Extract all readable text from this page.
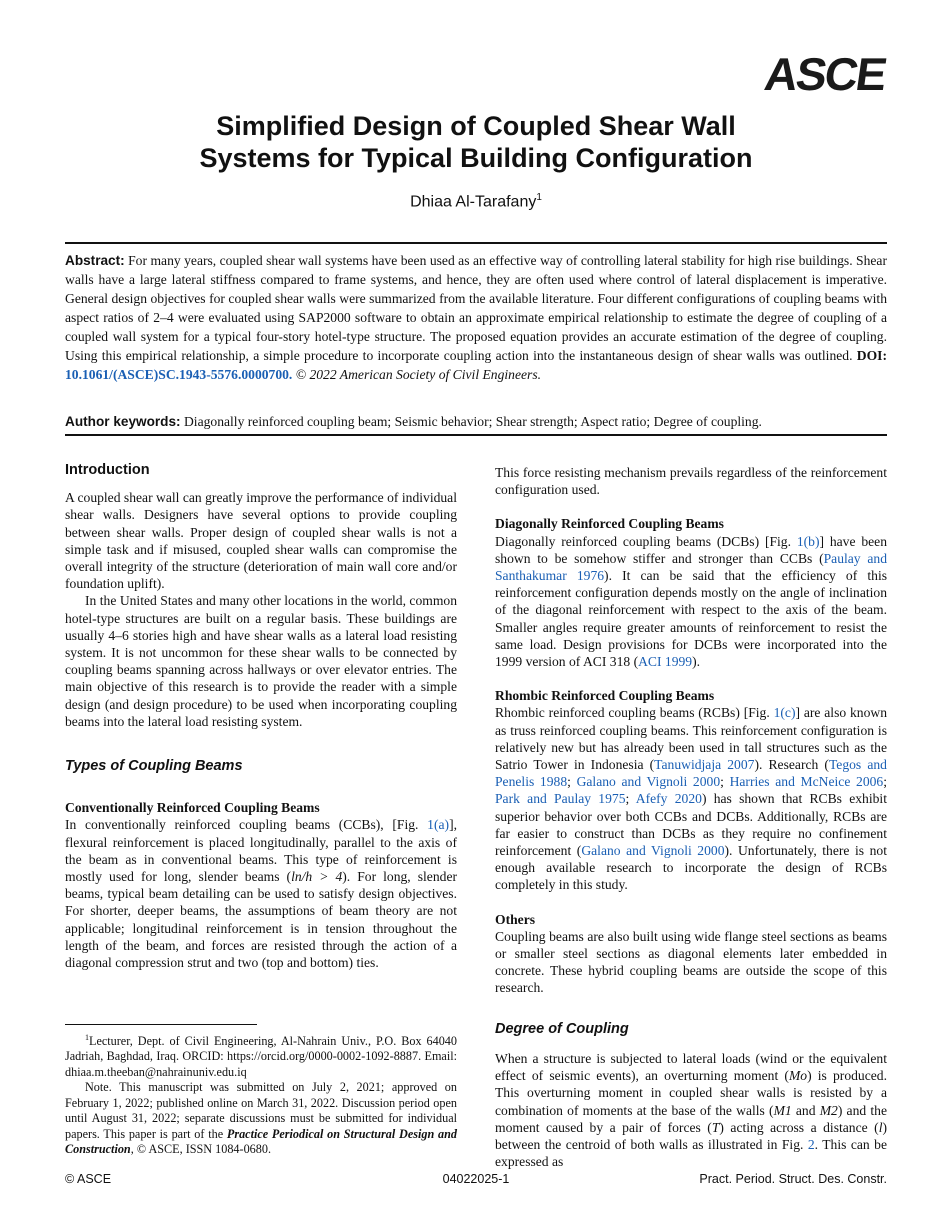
ASCE
Simplified Design of Coupled Shear Wall
Systems for Typical Building Configuration
Dhiaa Al-Tarafany$^1$
Abstract: For many years, coupled shear wall systems have been used as an effective way of controlling lateral stability for high rise buildings. Shear walls have a large lateral stiffness compared to frame systems, and hence, they are often used where control of lateral displacement is imperative. General design objectives for coupled shear walls were summarized from the available literature. Four different configurations of coupling beams with aspect ratios of 2–4 were evaluated using SAP2000 software to obtain an approximate empirical relationship to estimate the degree of coupling of a coupled wall system for a typical four-story hotel-type structure. The proposed equation provides an accurate estimation of the degree of coupling. Using this empirical relationship, a simple procedure to incorporate coupling action into the instantaneous design of shear walls was outlined. DOI: 10.1061/(ASCE)SC.1943-5576.0000700. © 2022 American Society of Civil Engineers.
Author keywords: Diagonally reinforced coupling beam; Seismic behavior; Shear strength; Aspect ratio; Degree of coupling.
Introduction

A coupled shear wall can greatly improve the performance of individual shear walls. Designers have several options to provide coupling between shear walls. Proper design of coupled shear walls is not a simple task and if misused, coupled shear walls can compromise the overall integrity of the structure (deterioration of main wall core and/or foundation uplift).

In the United States and many other locations in the world, common hotel-type structures are built on a regular basis. These buildings are usually 4–6 stories high and have shear walls as a lateral load resisting system. It is not uncommon for these shear walls to be connected by coupling beams spanning across hallways or over elevator entries. The main objective of this research is to provide the reader with a simple design (and design procedure) to be used when incorporating coupling beams into the lateral load resisting system.

Types of Coupling Beams

Conventionally Reinforced Coupling Beams

In conventionally reinforced coupling beams (CCBs), [Fig. 1(a)], flexural reinforcement is placed longitudinally, parallel to the axis of the beam as in conventional beams. This type of reinforcement is mostly used for long, slender beams (ln/h > 4). For long, slender beams, typical beam detailing can be used to satisfy design objectives. For shorter, deeper beams, the assumptions of beam theory are not applicable; longitudinal reinforcement is in tension throughout the length of the beam, and forces are resisted through the action of a diagonal compression strut and two (top and bottom) ties.

$^1$Lecturer, Dept. of Civil Engineering, Al-Nahrain Univ., P.O. Box 64040 Jadriah, Baghdad, Iraq. ORCID: https://orcid.org/0000-0002-1092-8887. Email: dhiaa.m.theeban@nahrainuniv.edu.iq

Note. This manuscript was submitted on July 2, 2021; approved on February 1, 2022; published online on March 31, 2022. Discussion period open until August 31, 2022; separate discussions must be submitted for individual papers. This paper is part of the Practice Periodical on Structural Design and Construction, © ASCE, ISSN 1084-0680.

This force resisting mechanism prevails regardless of the reinforcement configuration used.

Diagonally Reinforced Coupling Beams

Diagonally reinforced coupling beams (DCBs) [Fig. 1(b)] have been shown to be somehow stiffer and stronger than CCBs (Paulay and Santhakumar 1976). It can be said that the efficiency of this reinforcement configuration depends mostly on the angle of inclination of the diagonal reinforcement with respect to the axis of the beam. Smaller angles require greater amounts of reinforcement to resist the same load. Design provisions for DCBs were incorporated into the 1999 version of ACI 318 (ACI 1999).

Rhombic Reinforced Coupling Beams

Rhombic reinforced coupling beams (RCBs) [Fig. 1(c)] are also known as truss reinforced coupling beams. This reinforcement configuration is relatively new but has already been used in tall structures such as the Satrio Tower in Indonesia (Tanuwidjaja 2007). Research (Tegos and Penelis 1988; Galano and Vignoli 2000; Harries and McNeice 2006; Park and Paulay 1975; Afefy 2020) has shown that RCBs exhibit superior behavior over both CCBs and DCBs. Additionally, RCBs are far easier to construct than DCBs as they require no confinement reinforcement (Galano and Vignoli 2000). Unfortunately, there is not enough available research to incorporate the design of RCBs completely in this study.

Others

Coupling beams are also built using wide flange steel sections as beams or smaller steel sections as diagonal elements later embedded in concrete. These hybrid coupling beams are outside the scope of this research.

Degree of Coupling

When a structure is subjected to lateral loads (wind or the equivalent effect of seismic events), an overturning moment (Mo) is produced. This overturning moment in coupled shear walls is resisted by a combination of moments at the base of the walls (M1 and M2) and the moment caused by a pair of forces (T) acting across a distance (l) between the centroid of both walls as illustrated in Fig. 2. This can be expressed as

© ASCE	04022025-1	Pract. Period. Struct. Des. Constr.
